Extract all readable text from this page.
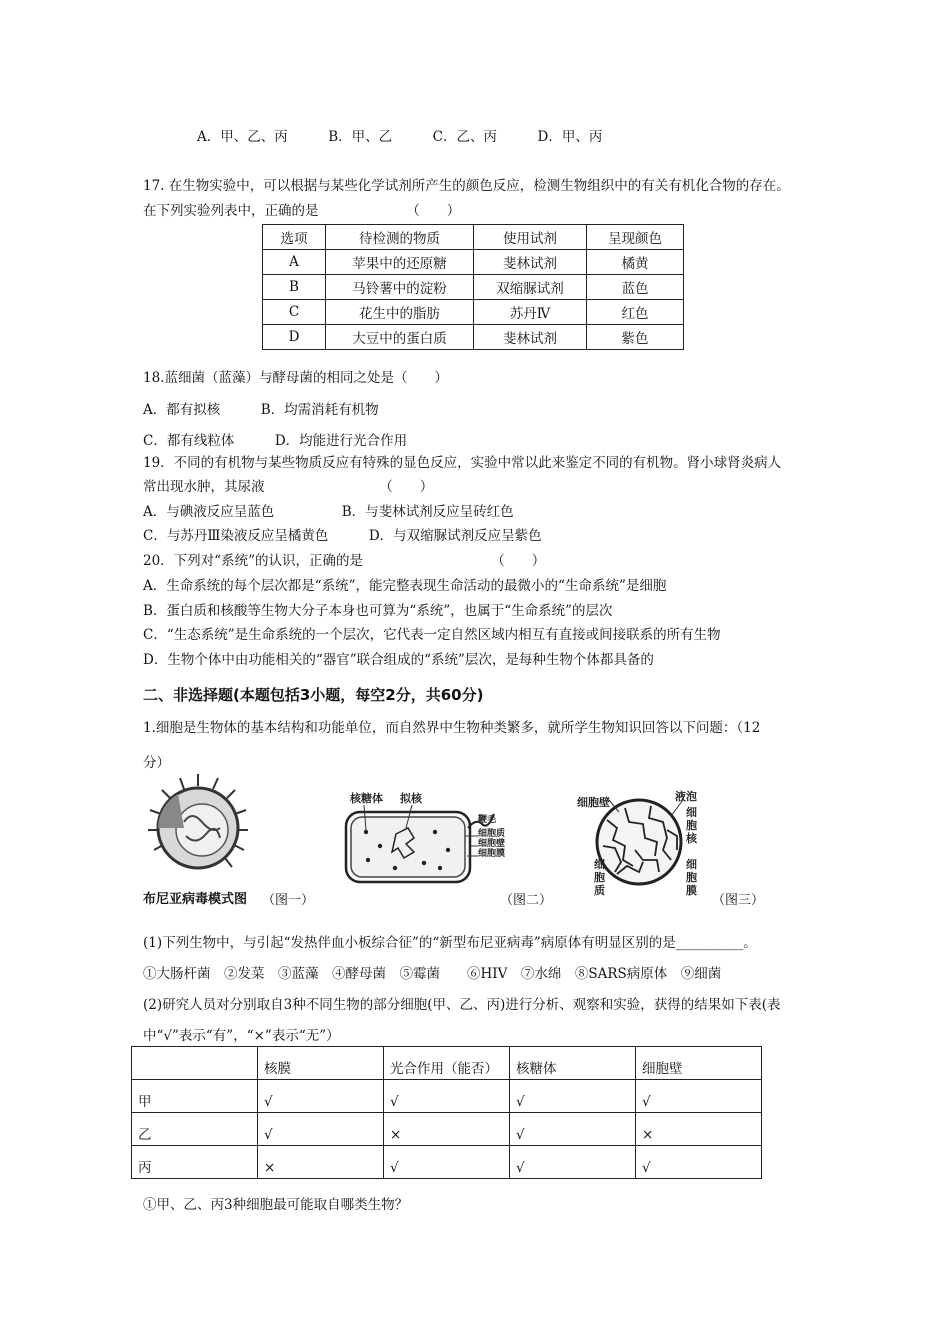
A．甲、乙、丙　　　B．甲、乙　　　C．乙、丙　　　D．甲、丙
17. 在生物实验中，可以根据与某些化学试剂所产生的颜色反应，检测生物组织中的有关有机化合物的存在。
在下列实验列表中，正确的是　　　　　　　（　　）
选项	待检测的物质	使用试剂	呈现颜色
A	苹果中的还原糖	斐林试剂	橘黄
B	马铃薯中的淀粉	双缩脲试剂	蓝色
C	花生中的脂肪	苏丹Ⅳ	红色
D	大豆中的蛋白质	斐林试剂	紫色
18.蓝细菌（蓝藻）与酵母菌的相同之处是（　　）
A．都有拟核　　　B．均需消耗有机物
C．都有线粒体　　　D．均能进行光合作用
19．不同的有机物与某些物质反应有特殊的显色反应，实验中常以此来鉴定不同的有机物。肾小球肾炎病人
常出现水肿，其尿液　　　　　　　　　（　　）
A．与碘液反应呈蓝色　　　　　B．与斐林试剂反应呈砖红色
C．与苏丹Ⅲ染液反应呈橘黄色　　　D．与双缩脲试剂反应呈紫色
20．下列对“系统”的认识，正确的是　　　　　　　　　　（　　）
A．生命系统的每个层次都是“系统”，能完整表现生命活动的最微小的“生命系统”是细胞
B．蛋白质和核酸等生物大分子本身也可算为“系统”，也属于“生命系统”的层次
C．“生态系统”是生命系统的一个层次，它代表一定自然区域内相互有直接或间接联系的所有生物
D．生物个体中由功能相关的“器官”联合组成的“系统”层次，是每种生物个体都具备的
二、非选择题(本题包括3小题，每空2分，共60分)
1.细胞是生物体的基本结构和功能单位，而自然界中生物种类繁多，就所学生物知识回答以下问题：（12
分）
布尼亚病毒模式图 （图一）
核糖体 拟核
鞭毛
细胞质
细胞壁
细胞膜
（图二）
细胞壁	液泡
细
胞
核
细
胞
膜
细
胞
质
（图三）
(1)下列生物中，与引起“发热伴血小板综合征”的“新型布尼亚病毒”病原体有明显区别的是__________。
①大肠杆菌　②发菜　③蓝藻　④酵母菌　⑤霉菌　　⑥HIV　⑦水绵　⑧SARS病原体　⑨细菌
(2)研究人员对分别取自3种不同生物的部分细胞(甲、乙、丙)进行分析、观察和实验，获得的结果如下表(表
中“√”表示“有”，“×”表示“无”）
	核膜	光合作用（能否）	核糖体	细胞壁
甲	√	√	√	√
乙	√	×	√	×
丙	×	√	√	√
①甲、乙、丙3种细胞最可能取自哪类生物？
